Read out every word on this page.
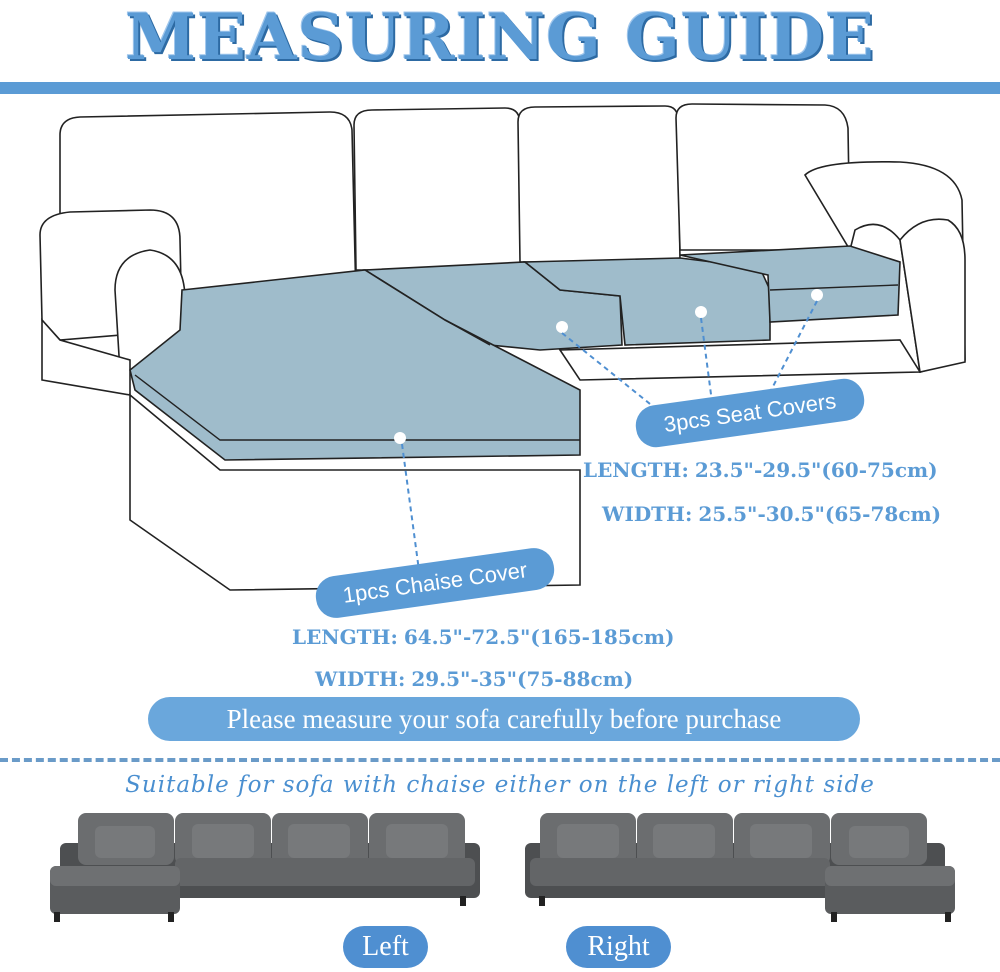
MEASURING GUIDE
3pcs Seat Covers
LENGTH: 23.5"-29.5"(60-75cm)
WIDTH: 25.5"-30.5"(65-78cm)
1pcs Chaise Cover
LENGTH: 64.5"-72.5"(165-185cm)
WIDTH: 29.5"-35"(75-88cm)
Please measure your sofa carefully before purchase
Suitable for sofa with chaise either on the left or right side
Left	Right
